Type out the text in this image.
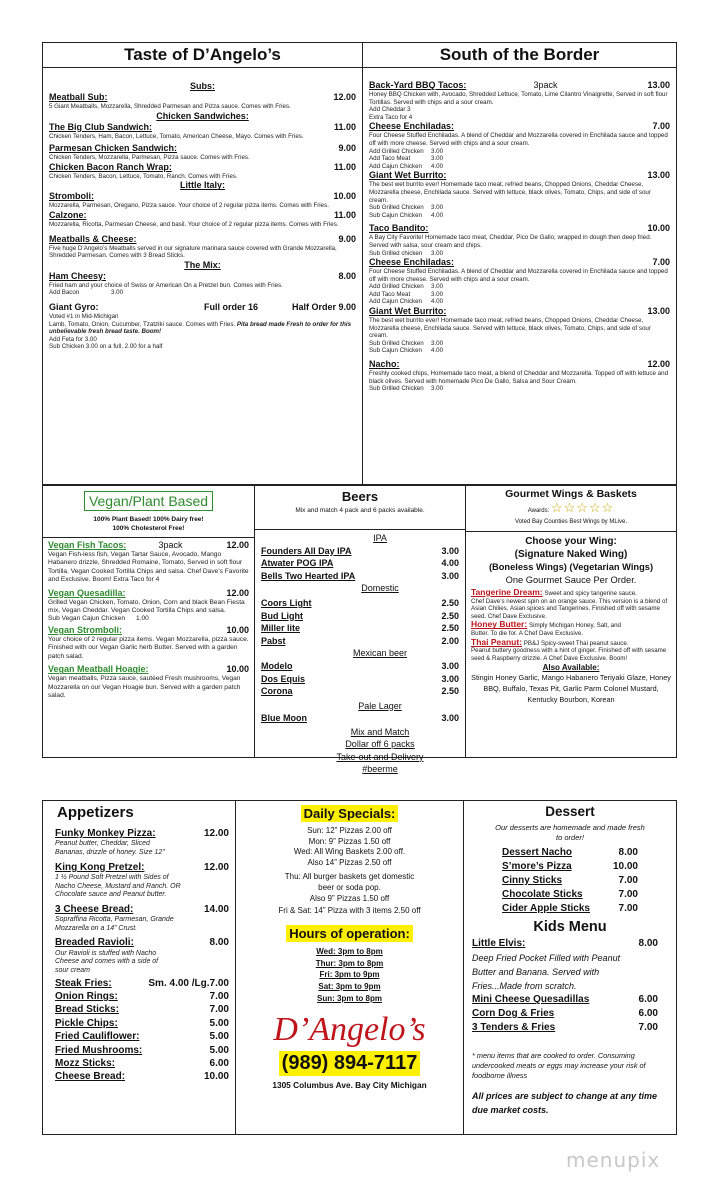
Taste of D’Angelo’s
Subs:
Meatball Sub:	12.00
5 Giant Meatballs, Mozzarella, Shredded Parmesan and Pizza sauce. Comes with Fries.
Chicken Sandwiches:
The Big Club Sandwich:	11.00
Chicken Tenders, Ham, Bacon, Lettuce, Tomato, American Cheese, Mayo. Comes with Fries.
Parmesan Chicken Sandwich:	9.00
Chicken Tenders, Mozzarella, Parmesan, Pizza sauce. Comes with Fries.
Chicken Bacon Ranch Wrap:	11.00
Chicken Tenders, Bacon, Lettuce, Tomato, Ranch. Comes with Fries.
Little Italy:
Stromboli:	10.00
Mozzarella, Parmesan, Oregano, Pizza sauce. Your choice of 2 regular pizza items. Comes with Fries.
Calzone:	11.00
Mozzarella, Ricotta, Parmesan Cheese, and basil. Your choice of 2 regular pizza items. Comes with Fries.
Meatballs & Cheese:	9.00
Five huge D’Angelo’s Meatballs served in our signature marinara sauce covered with Grande Mozzarella, Shredded Parmesan. Comes with 3 Bread Sticks.
The Mix:
Ham Cheesy:	8.00
Fried ham and your choice of Swiss or American On a Pretzel bun. Comes with Fries.
Add Bacon	3.00
Giant Gyro:	Full order 16	Half Order 9.00
Voted #1 in Mid-Michigan
Lamb, Tomato, Onion, Cucumber, Tzatziki sauce. Comes with Fries. Pita bread made Fresh to order for this unbelievable fresh bread taste. Boom!
Add Feta for 3.00
Sub Chicken 3.00 on a full, 2.00 for a half
South of the Border
Back-Yard BBQ Tacos:	3pack	13.00
Honey BBQ Chicken with, Avocado, Shredded Lettuce, Tomato, Lime Cilantro Vinaigrette, Served in soft flour Tortillas. Served with chips and a sour cream.
Add Cheddar 3
Extra Taco for 4
Cheese Enchiladas:	7.00
Four Cheese Stuffed Enchiladas. A blend of Cheddar and Mozzarella covered in Enchilada sauce and topped off with more cheese. Served with chips and a sour cream.
Add Grilled Chicken	3.00
Add Taco Meat	3.00
Add Cajun Chicken	4.00
Giant Wet Burrito:	13.00
The best wet burrito ever! Homemade taco meat, refried beans, Chopped Onions, Cheddar Cheese, Mozzarella cheese, Enchilada sauce. Served with lettuce, black olives, Tomato, Chips, and side of sour cream.
Sub Grilled Chicken	3.00
Sub Cajun Chicken	4.00
Taco Bandito:	10.00
A Bay City Favorite! Homemade taco meat, Cheddar, Pico De Gallo, wrapped in dough then deep fried. Served with salsa, sour cream and chips.
Sub Grilled chicken	3.00
Cheese Enchiladas:	7.00
Four Cheese Stuffed Enchiladas. A blend of Cheddar and Mozzarella covered in Enchilada sauce and topped off with more cheese. Served with chips and a sour cream.
Add Grilled Chicken	3.00
Add Taco Meat	3.00
Add Cajun Chicken	4.00
Giant Wet Burrito:	13.00
The best wet burrito ever! Homemade taco meat, refried beans, Chopped Onions, Cheddar Cheese, Mozzarella cheese, Enchilada sauce. Served with lettuce, black olives, Tomato, Chips, and side of sour cream.
Sub Grilled Chicken	3.00
Sub Cajun Chicken	4.00
Nacho:	12.00
Freshly cooked chips, Homemade taco meat, a blend of Cheddar and Mozzarella. Topped off with lettuce and black olives. Served with homemade Pico De Gallo, Salsa and Sour Cream.
Sub Grilled Chicken	3.00
Vegan/Plant Based
100% Plant Based! 100% Dairy free!
100% Cholesterol Free!
Vegan Fish Tacos:	3pack	12.00
Vegan Fish-less fish, Vegan Tartar Sauce, Avocado, Mango Habanero drizzle, Shredded Romaine, Tomato, Served in soft flour Tortilla. Vegan Cooked Tortilla Chips and salsa. Chef Dave’s Favorite and Exclusive. Boom! Extra Taco for 4
Vegan Quesadilla:	12.00
Grilled Vegan Chicken, Tomato, Onion, Corn and black Bean Fiesta mix, Vegan Cheddar. Vegan Cooked Tortilla Chips and salsa.
Sub Vegan Cajun Chicken	1.00
Vegan Stromboli:	10.00
Your choice of 2 regular pizza items. Vegan Mozzarella, pizza sauce. Finished with our Vegan Garlic herb Butter. Served with a garden patch salad.
Vegan Meatball Hoagie:	10.00
Vegan meatballs, Pizza sauce, sautéed Fresh mushrooms, Vegan Mozzarella on our Vegan Hoagie bun. Served with a garden patch salad.
Beers
Mix and match 4 pack and 6 packs available.
IPA
Founders All Day IPA	3.00
Atwater POG IPA	4.00
Bells Two Hearted IPA	3.00
Domestic
Coors Light	2.50
Bud Light	2.50
Miller lite	2.50
Pabst	2.00
Mexican beer
Modelo	3.00
Dos Equis	3.00
Corona	2.50
Pale Lager
Blue Moon	3.00
Mix and Match
Dollar off 6 packs
Take-out and Delivery
#beerme
Gourmet Wings & Baskets
Awards: ☆☆☆☆☆
Voted Bay Counties Best Wings by MLive.
Choose your Wing:
(Signature Naked Wing)
(Boneless Wings) (Vegetarian Wings)
One Gourmet Sauce Per Order.
Tangerine Dream: Sweet and spicy tangerine sauce.
Chef Dave’s newest spin on an orange sauce. This version is a blend of Asian Chilies, Asian spices and Tangerines. Finished off with sesame seed. Chef Dave Exclusive.
Honey Butter: Simply Michigan Honey, Salt, and
Butter. To die for. A Chef Dave Exclusive.
Thai Peanut: PB&J Spicy-sweet Thai peanut sauce.
Peanut buttery goodness with a hint of ginger. Finished off with sesame seed & Raspberry drizzle. A Chef Dave Exclusive. Boom!
Also Available:
Stingin Honey Garlic, Mango Habanero Teriyaki Glaze, Honey BBQ, Buffalo, Texas Pit, Garlic Parm Colonel Mustard, Kentucky Bourbon, Korean
Appetizers
Funky Monkey Pizza:	12.00
Peanut butter, Cheddar, Sliced Bananas, drizzle of honey. Size 12”
King Kong Pretzel:	12.00
1 ½ Pound Soft Pretzel with Sides of Nacho Cheese, Mustard and Ranch. OR Chocolate sauce and Peanut butter.
3 Cheese Bread:	14.00
Sopraffina Ricotta, Parmesan, Grande Mozzarella on a 14” Crust.
Breaded Ravioli:	8.00
Our Ravioli is stuffed with Nacho Cheese and comes with a side of sour cream
Steak Fries:	Sm. 4.00 /Lg.7.00
Onion Rings:	7.00
Bread Sticks:	7.00
Pickle Chips:	5.00
Fried Cauliflower:	5.00
Fried Mushrooms:	5.00
Mozz Sticks:	6.00
Cheese Bread:	10.00
Daily Specials:
Sun: 12” Pizzas 2.00 off
Mon: 9” Pizzas 1.50 off
Wed: All Wing Baskets 2.00 off.
Also 14” Pizzas 2.50 off
Thu: All burger baskets get domestic beer or soda pop.
Also 9” Pizzas 1.50 off
Fri & Sat: 14” Pizza with 3 items 2.50 off
Hours of operation:
Wed: 3pm to 8pm
Thur: 3pm to 8pm
Fri: 3pm to 9pm
Sat: 3pm to 9pm
Sun: 3pm to 8pm
D’Angelo’s
(989) 894-7117
1305 Columbus Ave. Bay City Michigan
Dessert
Our desserts are homemade and made fresh to order!
Dessert Nacho	8.00
S’more’s Pizza	10.00
Cinny Sticks	7.00
Chocolate Sticks	7.00
Cider Apple Sticks	7.00
Kids Menu
Little Elvis:	8.00
Deep Fried Pocket Filled with Peanut Butter and Banana. Served with Fries...Made from scratch.
Mini Cheese Quesadillas	6.00
Corn Dog & Fries	6.00
3 Tenders & Fries	7.00
* menu items that are cooked to order. Consuming undercooked meats or eggs may increase your risk of foodborne illness
All prices are subject to change at any time due market costs.
menupix
